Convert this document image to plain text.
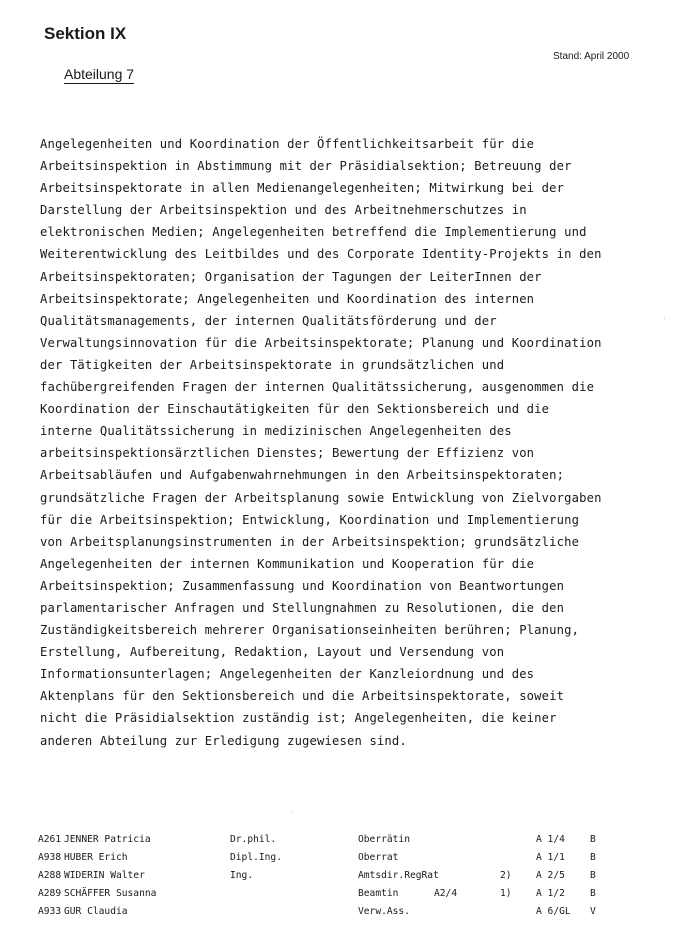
Sektion IX
Stand: April 2000
Abteilung 7
Angelegenheiten und Koordination der Öffentlichkeitsarbeit für die
Arbeitsinspektion in Abstimmung mit der Präsidialsektion; Betreuung der
Arbeitsinspektorate in allen Medienangelegenheiten; Mitwirkung bei der
Darstellung der Arbeitsinspektion und des Arbeitnehmerschutzes in
elektronischen Medien; Angelegenheiten betreffend die Implementierung und
Weiterentwicklung des Leitbildes und des Corporate Identity-Projekts in den
Arbeitsinspektoraten; Organisation der Tagungen der LeiterInnen der
Arbeitsinspektorate; Angelegenheiten und Koordination des internen
Qualitätsmanagements, der internen Qualitätsförderung und der
Verwaltungsinnovation für die Arbeitsinspektorate; Planung und Koordination
der Tätigkeiten der Arbeitsinspektorate in grundsätzlichen und
fachübergreifenden Fragen der internen Qualitätssicherung, ausgenommen die
Koordination der Einschautätigkeiten für den Sektionsbereich und die
interne Qualitätssicherung in medizinischen Angelegenheiten des
arbeitsinspektionsärztlichen Dienstes; Bewertung der Effizienz von
Arbeitsabläufen und Aufgabenwahrnehmungen in den Arbeitsinspektoraten;
grundsätzliche Fragen der Arbeitsplanung sowie Entwicklung von Zielvorgaben
für die Arbeitsinspektion; Entwicklung, Koordination und Implementierung
von Arbeitsplanungsinstrumenten in der Arbeitsinspektion; grundsätzliche
Angelegenheiten der internen Kommunikation und Kooperation für die
Arbeitsinspektion; Zusammenfassung und Koordination von Beantwortungen
parlamentarischer Anfragen und Stellungnahmen zu Resolutionen, die den
Zuständigkeitsbereich mehrerer Organisationseinheiten berühren; Planung,
Erstellung, Aufbereitung, Redaktion, Layout und Versendung von
Informationsunterlagen; Angelegenheiten der Kanzleiordnung und des
Aktenplans für den Sektionsbereich und die Arbeitsinspektorate, soweit
nicht die Präsidialsektion zuständig ist; Angelegenheiten, die keiner
anderen Abteilung zur Erledigung zugewiesen sind.
A261 JENNER Patricia	Dr.phil.	Oberrätin	A 1/4	B
A938 HUBER Erich	Dipl.Ing.	Oberrat	A 1/1	B
A288 WIDERIN Walter	Ing.	Amtsdir.RegRat	2)	A 2/5	B
A289 SCHÄFFER Susanna	Beamtin	A2/4	1)	A 1/2	B
A933 GUR Claudia	Verw.Ass.	A 6/GL V
